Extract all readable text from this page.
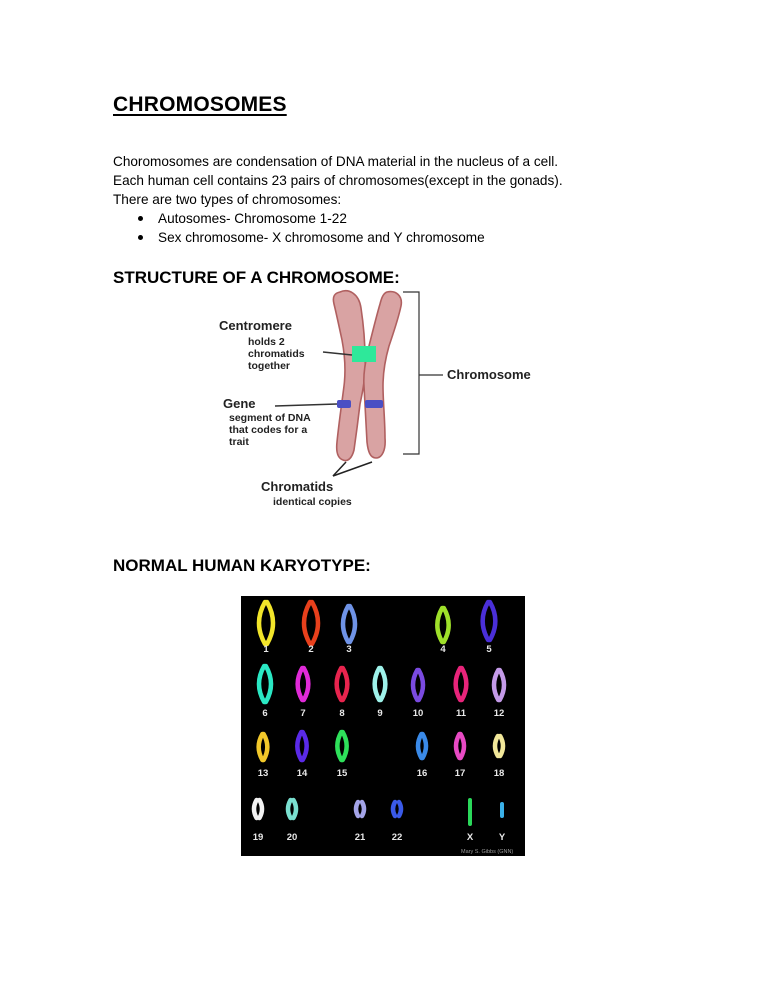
CHROMOSOMES

Choromosomes are condensation of DNA material in the nucleus of a cell.

Each human cell contains 23 pairs of chromosomes(except in the gonads).

There are two types of chromosomes:

Autosomes- Chromosome 1-22
Sex chromosome- X chromosome and Y chromosome
STRUCTURE OF A CHROMOSOME:
Centromere
holds 2
chromatids
together
Gene
segment of DNA
that codes for a
trait
Chromosome
Chromatids
identical copies
NORMAL HUMAN KARYOTYPE:
1	2	3	4	5
6	7	8	9	10	11	12
13	14	15	16	17	18
19 20	21	22	X	Y
Mary S. Gibbs (GNN)
